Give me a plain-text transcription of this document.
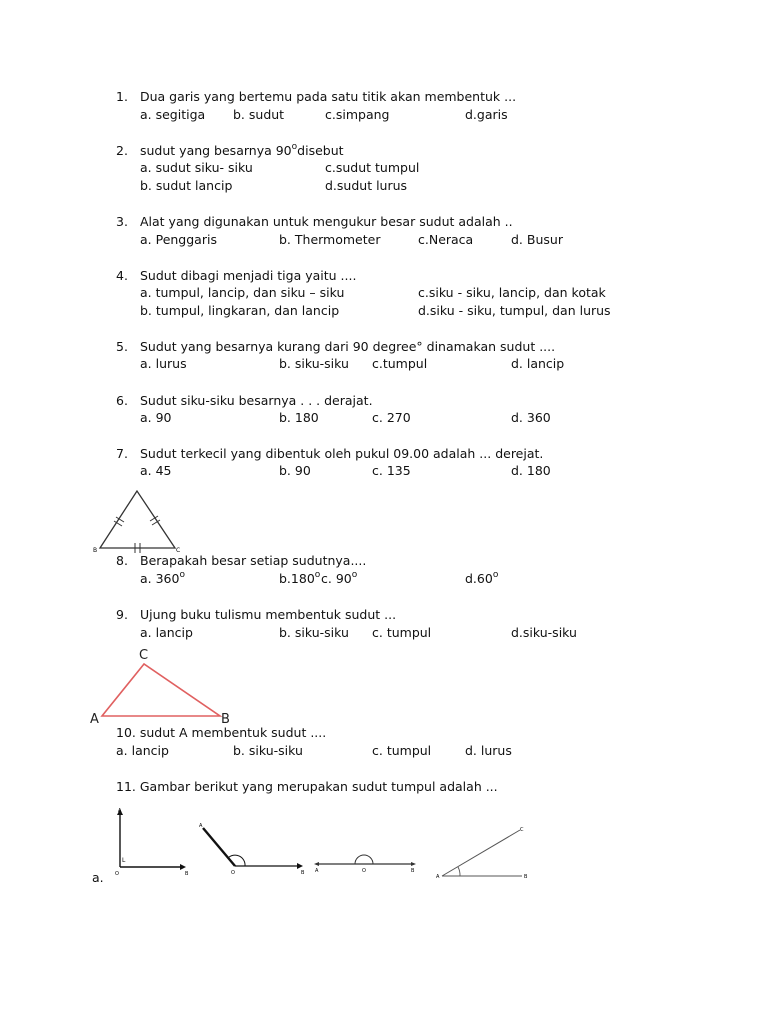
1. Dua garis yang bertemu pada satu titik akan membentuk ...
a. segitiga b. sudut	c.simpang	d.garis
2. sudut yang besarnya 90$^o$disebut
a. sudut siku- siku	c.sudut tumpul
b. sudut lancip	d.sudut lurus
3. Alat yang digunakan untuk mengukur besar sudut adalah ..
a. Penggaris	b. Thermometer	c.Neraca	d. Busur
4. Sudut dibagi menjadi tiga yaitu ....
a. tumpul, lancip, dan siku – siku	c.siku - siku, lancip, dan kotak
b. tumpul, lingkaran, dan lancip	d.siku - siku, tumpul, dan lurus
5. Sudut yang besarnya kurang dari 90 degree° dinamakan sudut ....
a. lurus	b. siku-siku c.tumpul	d. lancip
6. Sudut siku-siku besarnya . . . derajat.
a. 90	b. 180	c. 270	d. 360
7. Sudut terkecil yang dibentuk oleh pukul 09.00 adalah ... derejat.
a. 45	b. 90	c. 135	d. 180
B	C
8. Berapakah besar setiap sudutnya....
a. 360$^o$	b.180$^o$ c. 90$^o$	d.60$^o$
9. Ujung buku tulismu membentuk sudut ...
a. lancip	b. siku-siku c. tumpul	d.siku-siku
C
A	B
10. sudut A membentuk sudut ....
a. lancip	b. siku-siku	c. tumpul	d. lurus
11. Gambar berikut yang merupakan sudut tumpul adalah ...
A
O	B
L
A
O	B A	O	B
A
C
B
a.
